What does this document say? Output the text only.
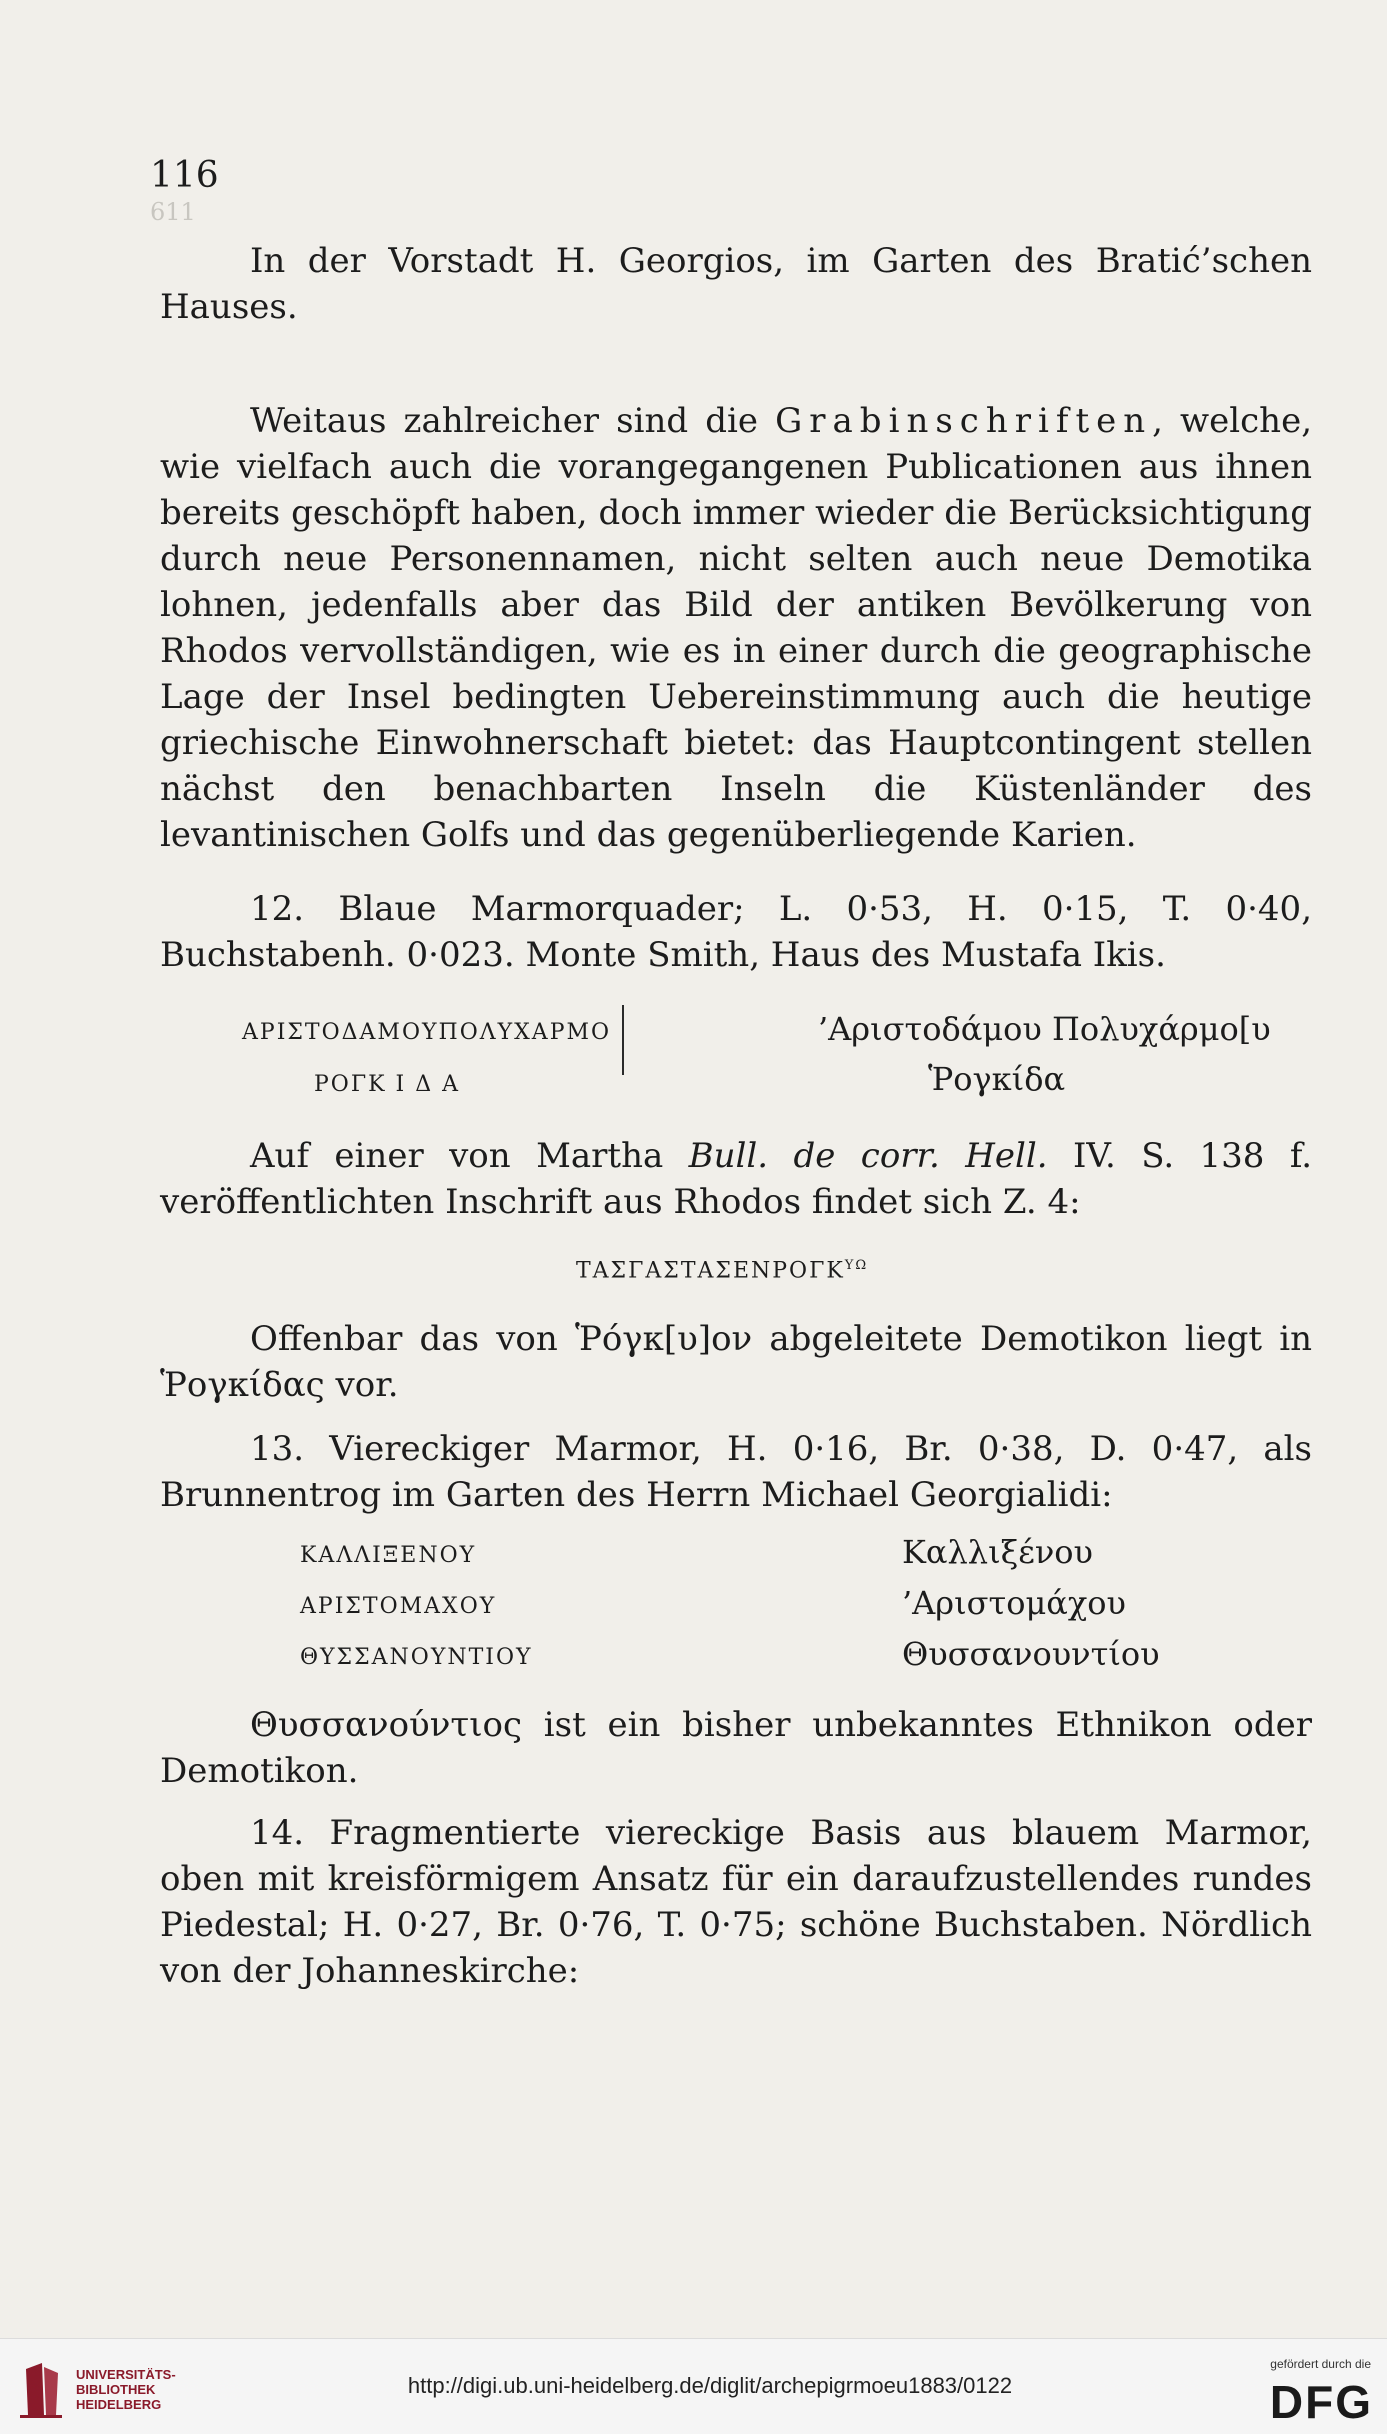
116
611

In der Vorstadt H. Georgios, im Garten des Bratić’schen Hauses.

Weitaus zahlreicher sind die Grabinschriften, welche, wie vielfach auch die vorangegangenen Publicationen aus ihnen bereits geschöpft haben, doch immer wieder die Berücksichtigung durch neue Personennamen, nicht selten auch neue Demotika lohnen, jedenfalls aber das Bild der antiken Bevölkerung von Rhodos vervollständigen, wie es in einer durch die geographische Lage der Insel bedingten Uebereinstimmung auch die heutige griechische Einwohnerschaft bietet: das Hauptcontingent stellen nächst den benachbarten Inseln die Küstenländer des levantinischen Golfs und das gegenüberliegende Karien.

12. Blaue Marmorquader; L. 0·53, H. 0·15, T. 0·40, Buchstabenh. 0·023. Monte Smith, Haus des Mustafa Ikis.

ΑΡΙΣΤΟΔΑΜΟΥΠΟΛΥΧΑΡΜΟ
ΡΟΓΚ Ι Δ Α
’Αριστοδάμου Πολυχάρμο[υ
Ῥογκίδα

Auf einer von Martha Bull. de corr. Hell. IV. S. 138 f. veröffentlichten Inschrift aus Rhodos findet sich Z. 4:

$TA\Sigma\Gamma A\Sigma TA\Sigma ENPO\Gamma K^{\Upsilon\Omega}$

Offenbar das von Ῥόγκ[υ]ον abgeleitete Demotikon liegt in Ῥογκίδας vor.

13. Viereckiger Marmor, H. 0·16, Br. 0·38, D. 0·47, als Brunnentrog im Garten des Herrn Michael Georgialidi:

ΚΑΛΛΙΞΕΝΟΥ
ΑΡΙΣΤΟΜΑΧΟΥ
ΘΥΣΣΑΝΟΥΝΤΙΟΥ
Καλλιξένου
’Αριστομάχου
Θυσσανουντίου

Θυσσανούντιος ist ein bisher unbekanntes Ethnikon oder Demotikon.

14. Fragmentierte viereckige Basis aus blauem Marmor, oben mit kreisförmigem Ansatz für ein daraufzustellendes rundes Piedestal; H. 0·27, Br. 0·76, T. 0·75; schöne Buchstaben. Nördlich von der Johanneskirche:

UNIVERSITÄTS-
BIBLIOTHEK
HEIDELBERG
http://digi.ub.uni-heidelberg.de/diglit/archepigrmoeu1883/0122
gefördert durch die
DFG
